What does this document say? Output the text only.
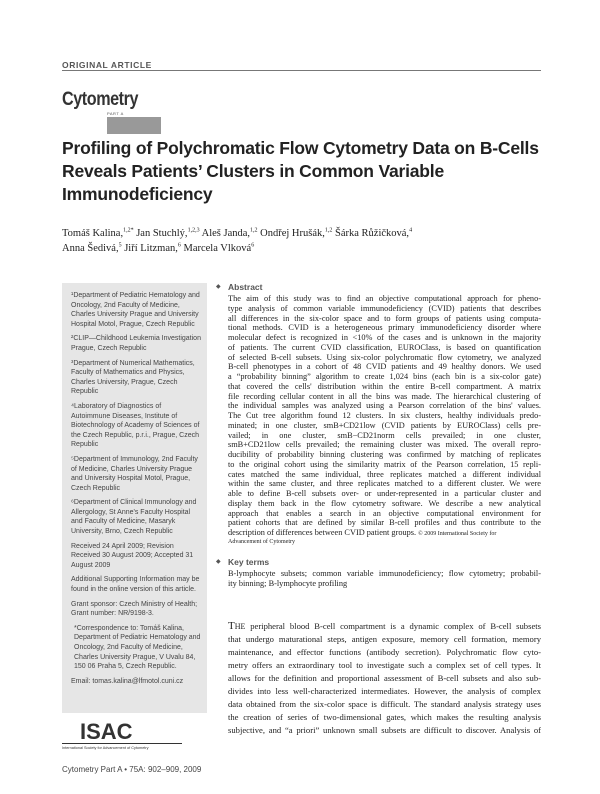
ORIGINAL ARTICLE
Cytometry
PART A
Profiling of Polychromatic Flow Cytometry Data on B-Cells Reveals Patients’ Clusters in Common Variable Immunodeficiency
Tomáš Kalina,$^{1,2*}$ Jan Stuchlý,$^{1,2,3}$ Aleš Janda,$^{1,2}$ Ondřej Hrušák,$^{1,2}$ Šárka Růžičková,$^4$
Anna Šedivá,$^5$ Jiří Litzman,$^6$ Marcela Vlková$^6$

¹Department of Pediatric Hematology and Oncology, 2nd Faculty of Medicine, Charles University Prague and University Hospital Motol, Prague, Czech Republic

²CLIP—Childhood Leukemia Investigation Prague, Czech Republic

³Department of Numerical Mathematics, Faculty of Mathematics and Physics, Charles University, Prague, Czech Republic

⁴Laboratory of Diagnostics of Autoimmune Diseases, Institute of Biotechnology of Academy of Sciences of the Czech Republic, p.r.i., Prague, Czech Republic

⁵Department of Immunology, 2nd Faculty of Medicine, Charles University Prague and University Hospital Motol, Prague, Czech Republic

⁶Department of Clinical Immunology and Allergology, St Anne's Faculty Hospital and Faculty of Medicine, Masaryk University, Brno, Czech Republic

Received 24 April 2009; Revision Received 30 August 2009; Accepted 31 August 2009

Additional Supporting Information may be found in the online version of this article.

Grant sponsor: Czech Ministry of Health; Grant number: NR/9198-3.

*Correspondence to: Tomáš Kalina, Department of Pediatric Hematology and Oncology, 2nd Faculty of Medicine, Charles University Prague, V Uvalu 84, 150 06 Praha 5, Czech Republic.

Email: tomas.kalina@lfmotol.cuni.cz

ISAC
International Society for Advancement of Cytometry
Cytometry Part A • 75A: 902–909, 2009
◆ Abstract
The aim of this study was to find an objective computational approach for pheno-
type analysis of common variable immunodeficiency (CVID) patients that describes
all differences in the six-color space and to form groups of patients using computa-
tional methods. CVID is a heterogeneous primary immunodeficiency disorder where
molecular defect is recognized in <10% of the cases and is unknown in the majority
of patients. The current CVID classification, EUROClass, is based on quantification
of selected B-cell subsets. Using six-color polychromatic flow cytometry, we analyzed
B-cell phenotypes in a cohort of 48 CVID patients and 49 healthy donors. We used
a “probability binning” algorithm to create 1,024 bins (each bin is a six-color gate)
that covered the cells' distribution within the entire B-cell compartment. A matrix
file recording cellular content in all the bins was made. The hierarchical clustering of
the individual samples was analyzed using a Pearson correlation of the bins' values.
The Cut tree algorithm found 12 clusters. In six clusters, healthy individuals predo-
minated; in one cluster, smB+CD21low (CVID patients by EUROClass) cells pre-
vailed; in one cluster, smB−CD21norm cells prevailed; in one cluster,
smB+CD21low cells prevailed; the remaining cluster was mixed. The overall repro-
ducibility of probability binning clustering was confirmed by matching of replicates
to the original cohort using the similarity matrix of the Pearson correlation, 15 repli-
cates matched the same individual, three replicates matched a different individual
within the same cluster, and three replicates matched to a different cluster. We were
able to define B-cell subsets over- or under-represented in a particular cluster and
display them back in the flow cytometry software. We describe a new analytical
approach that enables a search in an objective computational environment for
patient cohorts that are defined by similar B-cell profiles and thus contribute to the
description of differences between CVID patient groups. © 2009 International Society for
Advancement of Cytometry
◆ Key terms
B-lymphocyte subsets; common variable immunodeficiency; flow cytometry; probabil-
ity binning; B-lymphocyte profiling
The peripheral blood B-cell compartment is a dynamic complex of B-cell subsets
that undergo maturational steps, antigen exposure, memory cell formation, memory
maintenance, and effector functions (antibody secretion). Polychromatic flow cyto-
metry offers an extraordinary tool to investigate such a complex set of cell types. It
allows for the definition and proportional assessment of B-cell subsets and also sub-
divides into less well-characterized intermediates. However, the analysis of complex
data obtained from the six-color space is difficult. The standard analysis strategy uses
the creation of series of two-dimensional gates, which makes the resulting analysis
subjective, and “a priori” unknown small subsets are difficult to discover. Analysis of
